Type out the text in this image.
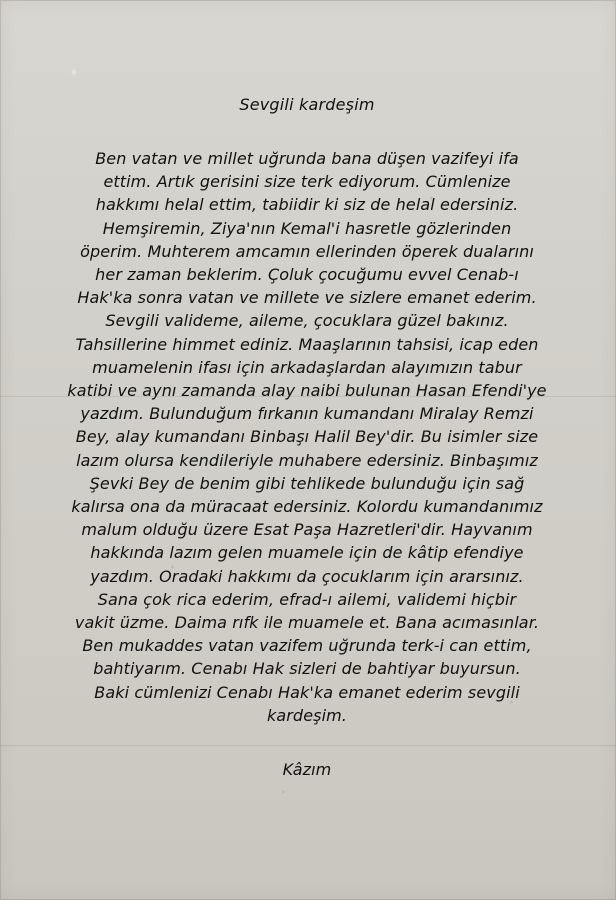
Sevgili kardeşim

Ben vatan ve millet uğrunda bana düşen vazifeyi ifa

ettim. Artık gerisini size terk ediyorum. Cümlenize

hakkımı helal ettim, tabiidir ki siz de helal edersiniz.

Hemşiremin, Ziya'nın Kemal'i hasretle gözlerinden

öperim. Muhterem amcamın ellerinden öperek dualarını

her zaman beklerim. Çoluk çocuğumu evvel Cenab-ı

Hak'ka sonra vatan ve millete ve sizlere emanet ederim.

Sevgili valideme, aileme, çocuklara güzel bakınız.

Tahsillerine himmet ediniz. Maaşlarının tahsisi, icap eden

muamelenin ifası için arkadaşlardan alayımızın tabur

katibi ve aynı zamanda alay naibi bulunan Hasan Efendi'ye

yazdım. Bulunduğum fırkanın kumandanı Miralay Remzi

Bey, alay kumandanı Binbaşı Halil Bey'dir. Bu isimler size

lazım olursa kendileriyle muhabere edersiniz. Binbaşımız

Şevki Bey de benim gibi tehlikede bulunduğu için sağ

kalırsa ona da müracaat edersiniz. Kolordu kumandanımız

malum olduğu üzere Esat Paşa Hazretleri'dir. Hayvanım

hakkında lazım gelen muamele için de kâtip efendiye

yazdım. Oradaki hakkımı da çocuklarım için ararsınız.

Sana çok rica ederim, efrad-ı ailemi, validemi hiçbir

vakit üzme. Daima rıfk ile muamele et. Bana acımasınlar.

Ben mukaddes vatan vazifem uğrunda terk-i can ettim,

bahtiyarım. Cenabı Hak sizleri de bahtiyar buyursun.

Baki cümlenizi Cenabı Hak'ka emanet ederim sevgili

kardeşim.

Kâzım
